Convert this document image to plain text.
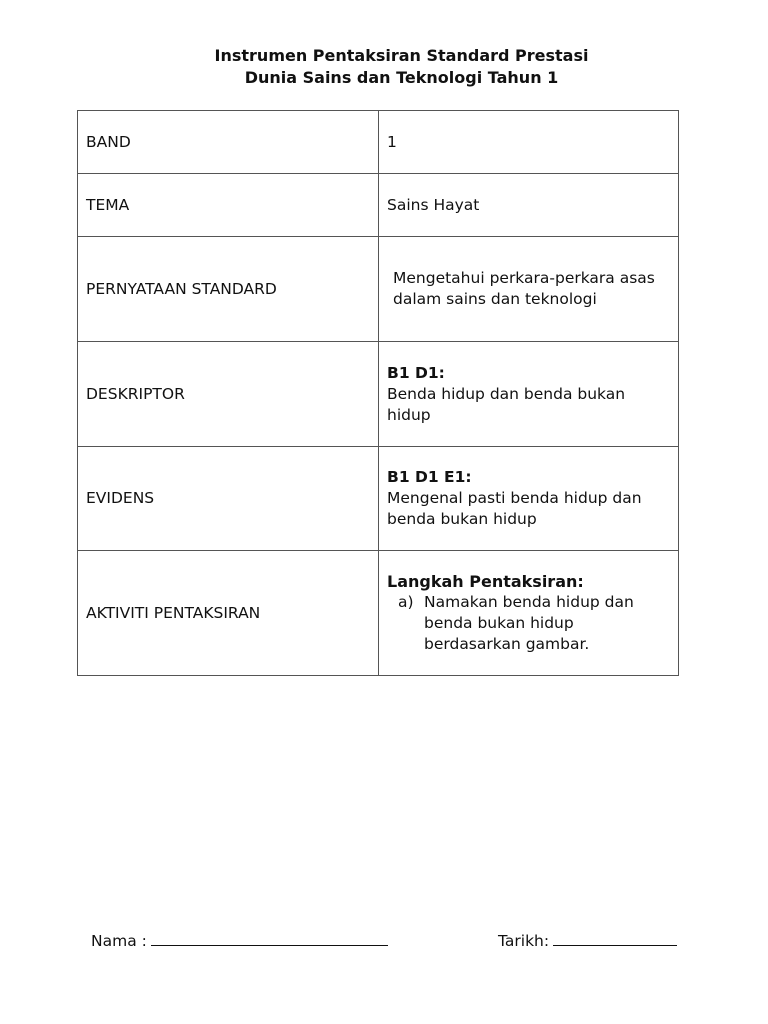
Instrumen Pentaksiran Standard Prestasi
Dunia Sains dan Teknologi Tahun 1
BAND	1
TEMA	Sains Hayat
PERNYATAAN STANDARD	Mengetahui perkara-perkara asas dalam sains dan teknologi

DESKRIPTOR	B1 D1:
Benda hidup dan benda bukan hidup

EVIDENS	B1 D1 E1:
Mengenal pasti benda hidup dan benda bukan hidup

AKTIVITI PENTAKSIRAN	Langkah Pentaksiran:
a) Namakan benda hidup dan benda bukan hidup berdasarkan gambar.
Nama :	Tarikh:
